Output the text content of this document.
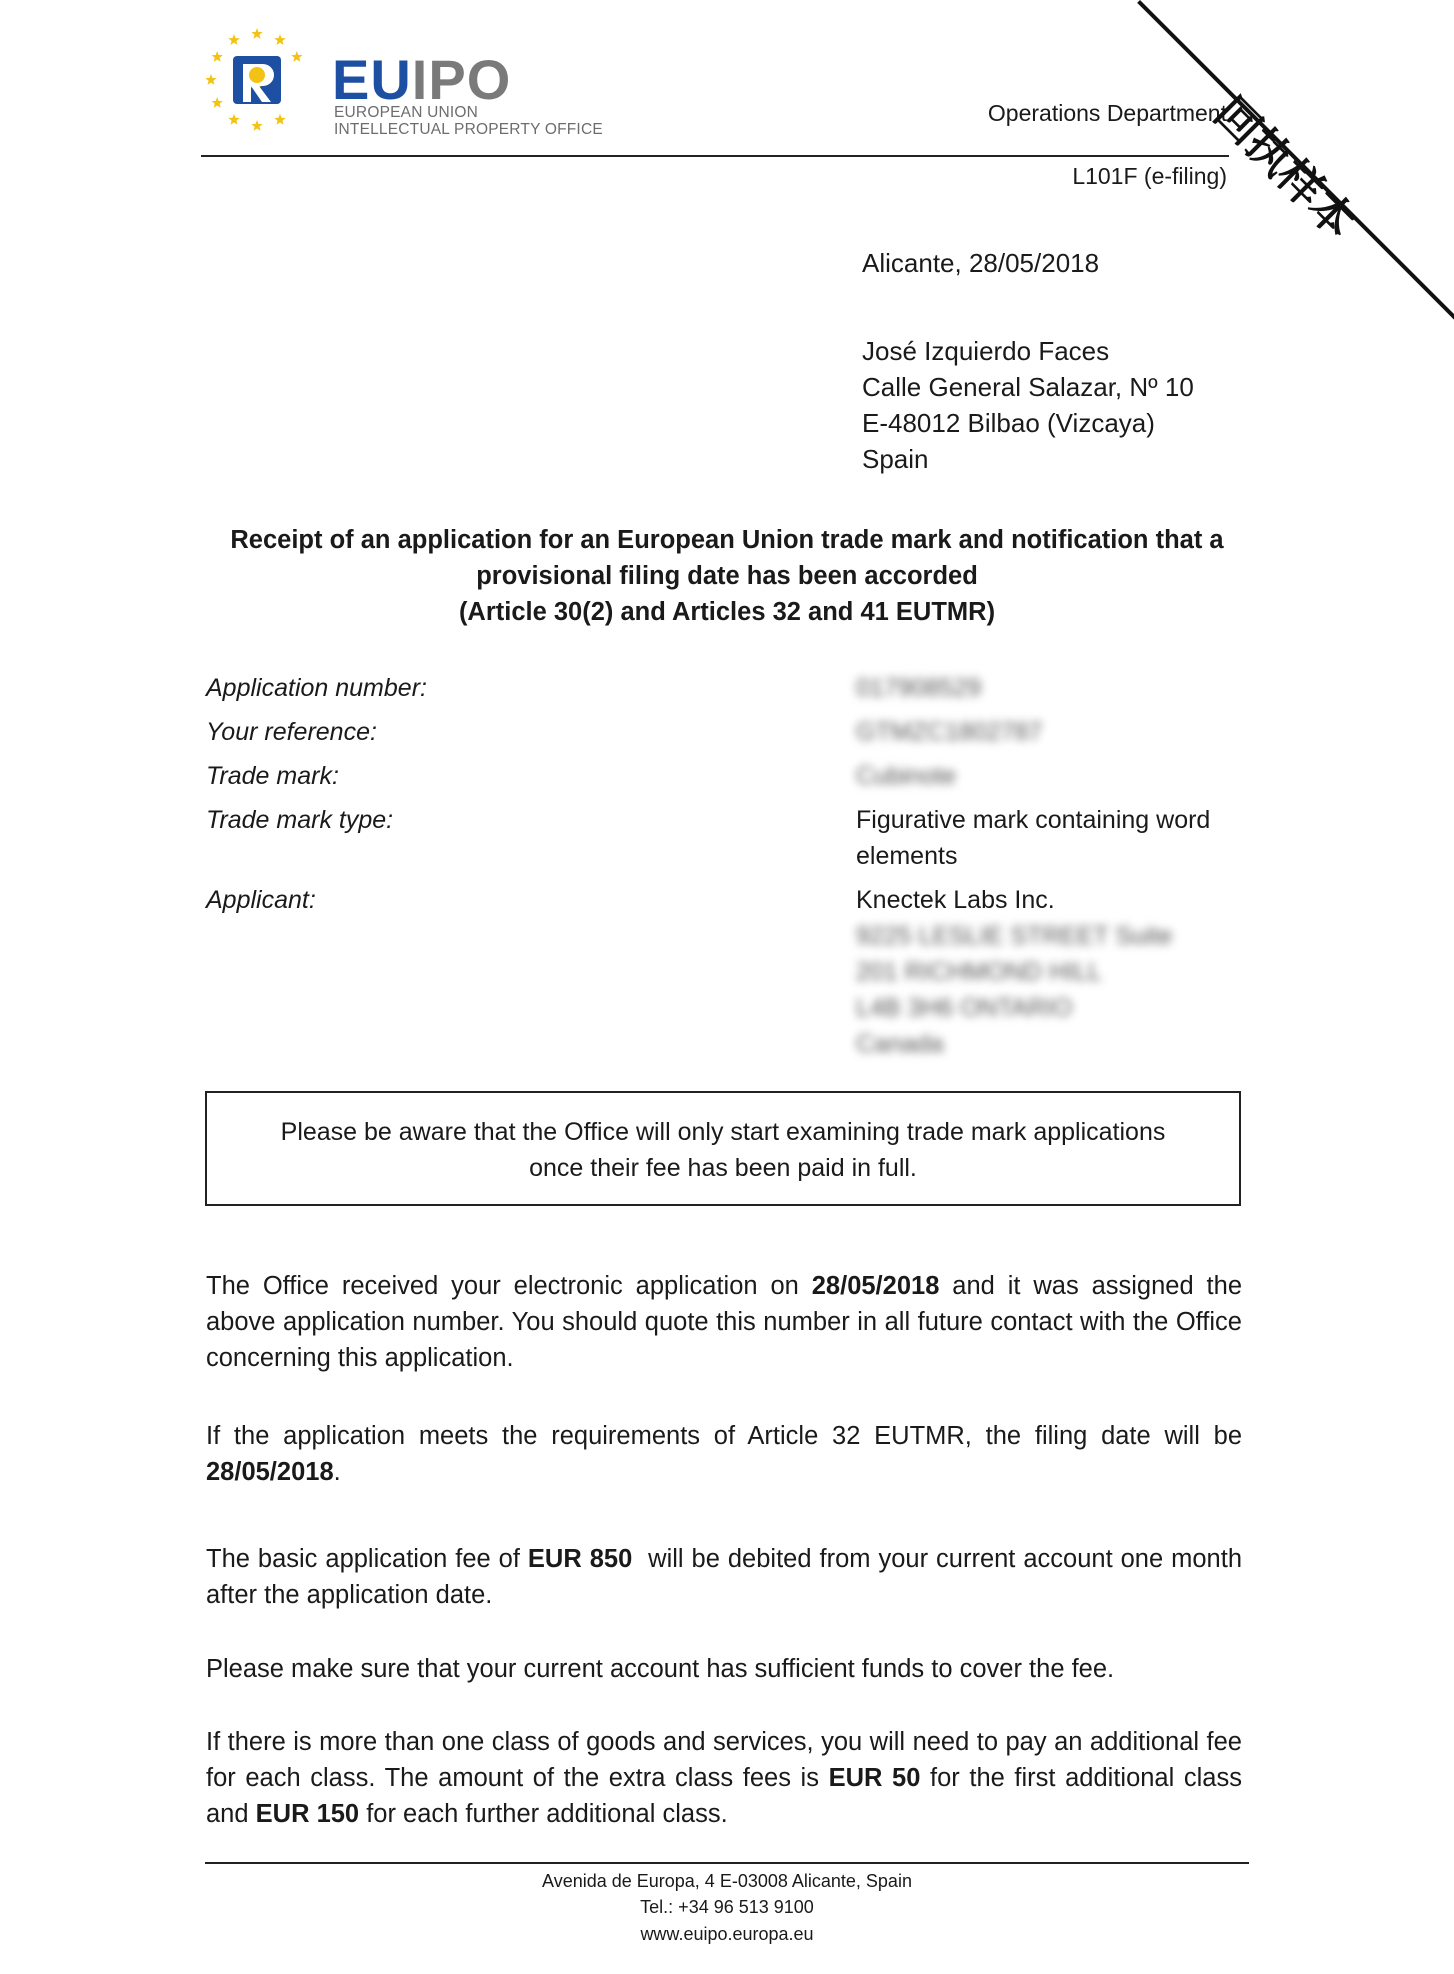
EUIPO
EUROPEAN UNION
INTELLECTUAL PROPERTY OFFICE
Operations Department
L101F (e-filing)
回执样本
Alicante, 28/05/2018
José Izquierdo Faces
Calle General Salazar, Nº 10
E-48012 Bilbao (Vizcaya)
Spain
Receipt of an application for an European Union trade mark and notification that a
provisional filing date has been accorded
(Article 30(2) and Articles 32 and 41 EUTMR)
Application number:	017908529
Your reference:	GTMZC1802787
Trade mark:	Cubinote
Trade mark type:	Figurative mark containing word
elements
Applicant:	Knectek Labs Inc.
9225 LESLIE STREET Suite
201 RICHMOND HILL
L4B 3H6 ONTARIO
Canada
Please be aware that the Office will only start examining trade mark applications
once their fee has been paid in full.
The Office received your electronic application on 28/05/2018 and it was assigned the above application number. You should quote this number in all future contact with the Office concerning this application.
If the application meets the requirements of Article 32 EUTMR, the filing date will be 28/05/2018.
The basic application fee of EUR 850  will be debited from your current account one month after the application date.
Please make sure that your current account has sufficient funds to cover the fee.
If there is more than one class of goods and services, you will need to pay an additional fee for each class. The amount of the extra class fees is EUR 50 for the first additional class and EUR 150 for each further additional class.
Avenida de Europa, 4 E-03008 Alicante, Spain
Tel.: +34 96 513 9100
www.euipo.europa.eu
